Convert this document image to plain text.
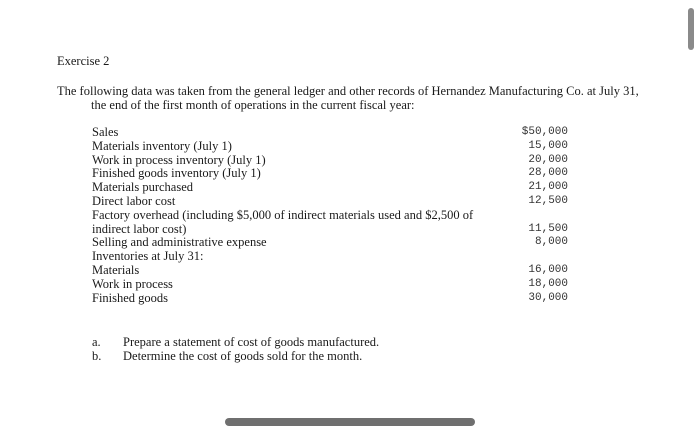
Exercise 2
The following data was taken from the general ledger and other records of Hernandez Manufacturing Co. at July 31, the end of the first month of operations in the current fiscal year:
Sales	$50,000
Materials inventory (July 1)	15,000
Work in process inventory (July 1)	20,000
Finished goods inventory (July 1)	28,000
Materials purchased	21,000
Direct labor cost	12,500
Factory overhead (including $5,000 of indirect materials used and $2,500 of
indirect labor cost)	11,500
Selling and administrative expense	8,000
Inventories at July 31:
Materials	16,000
Work in process	18,000
Finished goods	30,000
a. Prepare a statement of cost of goods manufactured.
b. Determine the cost of goods sold for the month.
